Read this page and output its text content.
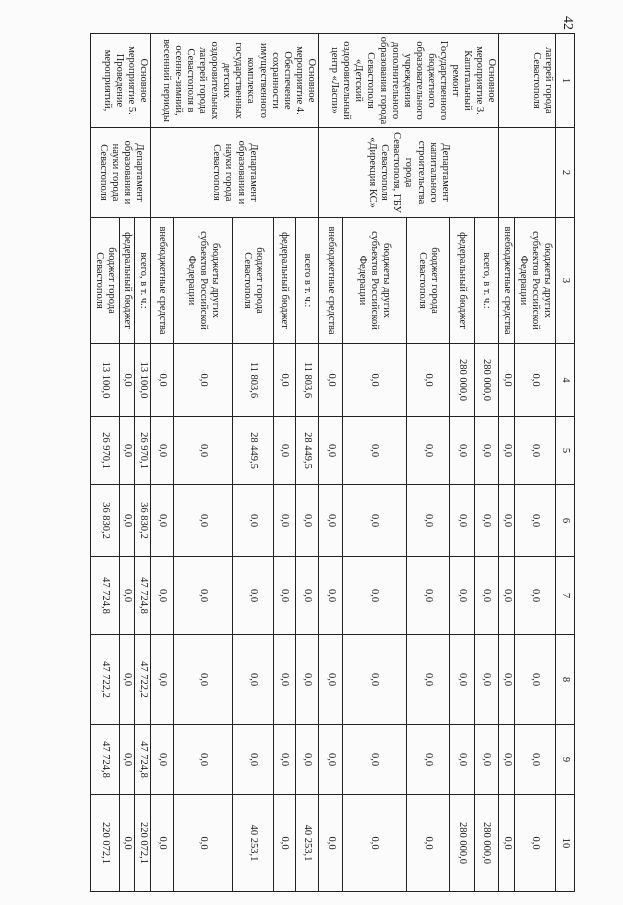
42
1	2	3	4	5	6	7	8	9	10
лагерей города Севастополя		бюджеты других субъектов Российской Федерации	0,0	0,0	0,0	0,0	0,0	0,0	0,0
		внебюджетные средства	0,0	0,0	0,0	0,0	0,0	0,0	0,0
Основное мероприятие 3. Капитальный ремонт Государственного бюджетного образовательного учреждения дополнительного образования города Севастополя «Детский оздоровительный центр «Ласпи»	Департамент капитального строительства города Севастополя, ГБУ Севастополя «Дирекция КС»	всего, в т. ч.:	280 000,0	0,0	0,0	0,0	0,0	0,0	280 000,0
		федеральный бюджет	280 000,0	0,0	0,0	0,0	0,0	0,0	280 000,0
		бюджет города Севастополя	0,0	0,0	0,0	0,0	0,0	0,0	0,0
		бюджеты других субъектов Российской Федерации	0,0	0,0	0,0	0,0	0,0	0,0	0,0
		внебюджетные средства	0,0	0,0	0,0	0,0	0,0	0,0	0,0
Основное мероприятие 4. Обеспечение сохранности имущественного комплекса государственных детских оздоровительных лагерей города Севастополя в осенне-зимний, весенний периоды	Департамент образования и науки города Севастополя	всего в т. ч.:	11 803,6	28 449,5	0,0	0,0	0,0	0,0	40 253,1
		федеральный бюджет	0,0	0,0	0,0	0,0	0,0	0,0	0,0
		бюджет города Севастополя	11 803,6	28 449,5	0,0	0,0	0,0	0,0	40 253,1
		бюджеты других субъектов Российской Федерации	0,0	0,0	0,0	0,0	0,0	0,0	0,0
		внебюджетные средства	0,0	0,0	0,0	0,0	0,0	0,0	0,0
Основное мероприятие 5. Проведение мероприятий,	Департамент образования и науки города Севастополя	всего, в т. ч.:	13 100,0	26 970,1	36 830,2	47 724,8	47 722,2	47 724,8	220 072,1
		федеральный бюджет	0,0	0,0	0,0	0,0	0,0	0,0	0,0
		бюджет города Севастополя	13 100,0	26 970,1	36 830,2	47 724,8	47 722,2	47 724,8	220 072,1
